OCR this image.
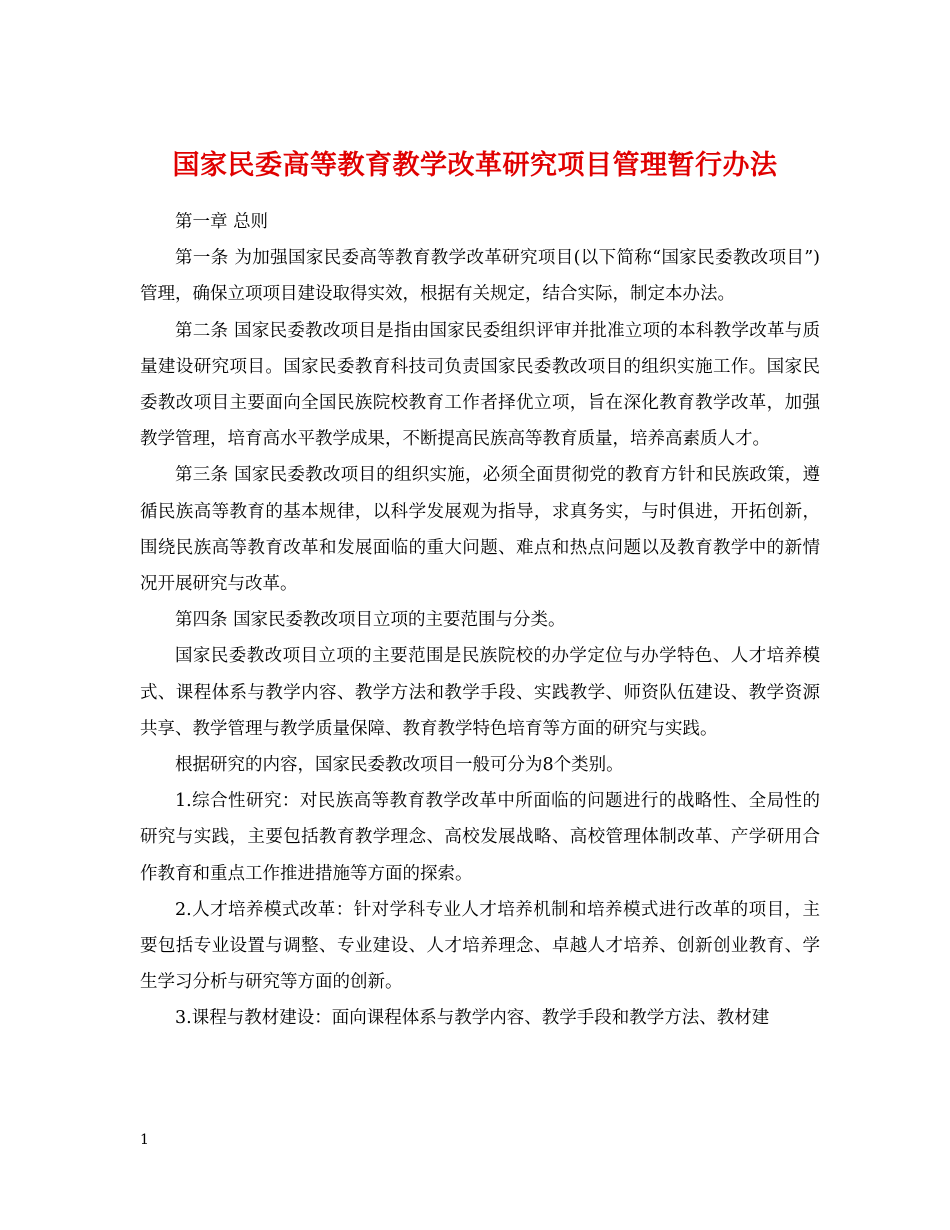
国家民委高等教育教学改革研究项目管理暂行办法

第一章 总则

第一条 为加强国家民委高等教育教学改革研究项目(以下简称“国家民委教改项目”)管理，确保立项项目建设取得实效，根据有关规定，结合实际，制定本办法。

第二条 国家民委教改项目是指由国家民委组织评审并批准立项的本科教学改革与质量建设研究项目。国家民委教育科技司负责国家民委教改项目的组织实施工作。国家民委教改项目主要面向全国民族院校教育工作者择优立项，旨在深化教育教学改革，加强教学管理，培育高水平教学成果，不断提高民族高等教育质量，培养高素质人才。

第三条 国家民委教改项目的组织实施，必须全面贯彻党的教育方针和民族政策，遵循民族高等教育的基本规律，以科学发展观为指导，求真务实，与时俱进，开拓创新，围绕民族高等教育改革和发展面临的重大问题、难点和热点问题以及教育教学中的新情况开展研究与改革。

第四条 国家民委教改项目立项的主要范围与分类。

国家民委教改项目立项的主要范围是民族院校的办学定位与办学特色、人才培养模式、课程体系与教学内容、教学方法和教学手段、实践教学、师资队伍建设、教学资源共享、教学管理与教学质量保障、教育教学特色培育等方面的研究与实践。

根据研究的内容，国家民委教改项目一般可分为8个类别。

1.综合性研究：对民族高等教育教学改革中所面临的问题进行的战略性、全局性的研究与实践，主要包括教育教学理念、高校发展战略、高校管理体制改革、产学研用合作教育和重点工作推进措施等方面的探索。

2.人才培养模式改革：针对学科专业人才培养机制和培养模式进行改革的项目，主要包括专业设置与调整、专业建设、人才培养理念、卓越人才培养、创新创业教育、学生学习分析与研究等方面的创新。

3.课程与教材建设：面向课程体系与教学内容、教学手段和教学方法、教材建

1
